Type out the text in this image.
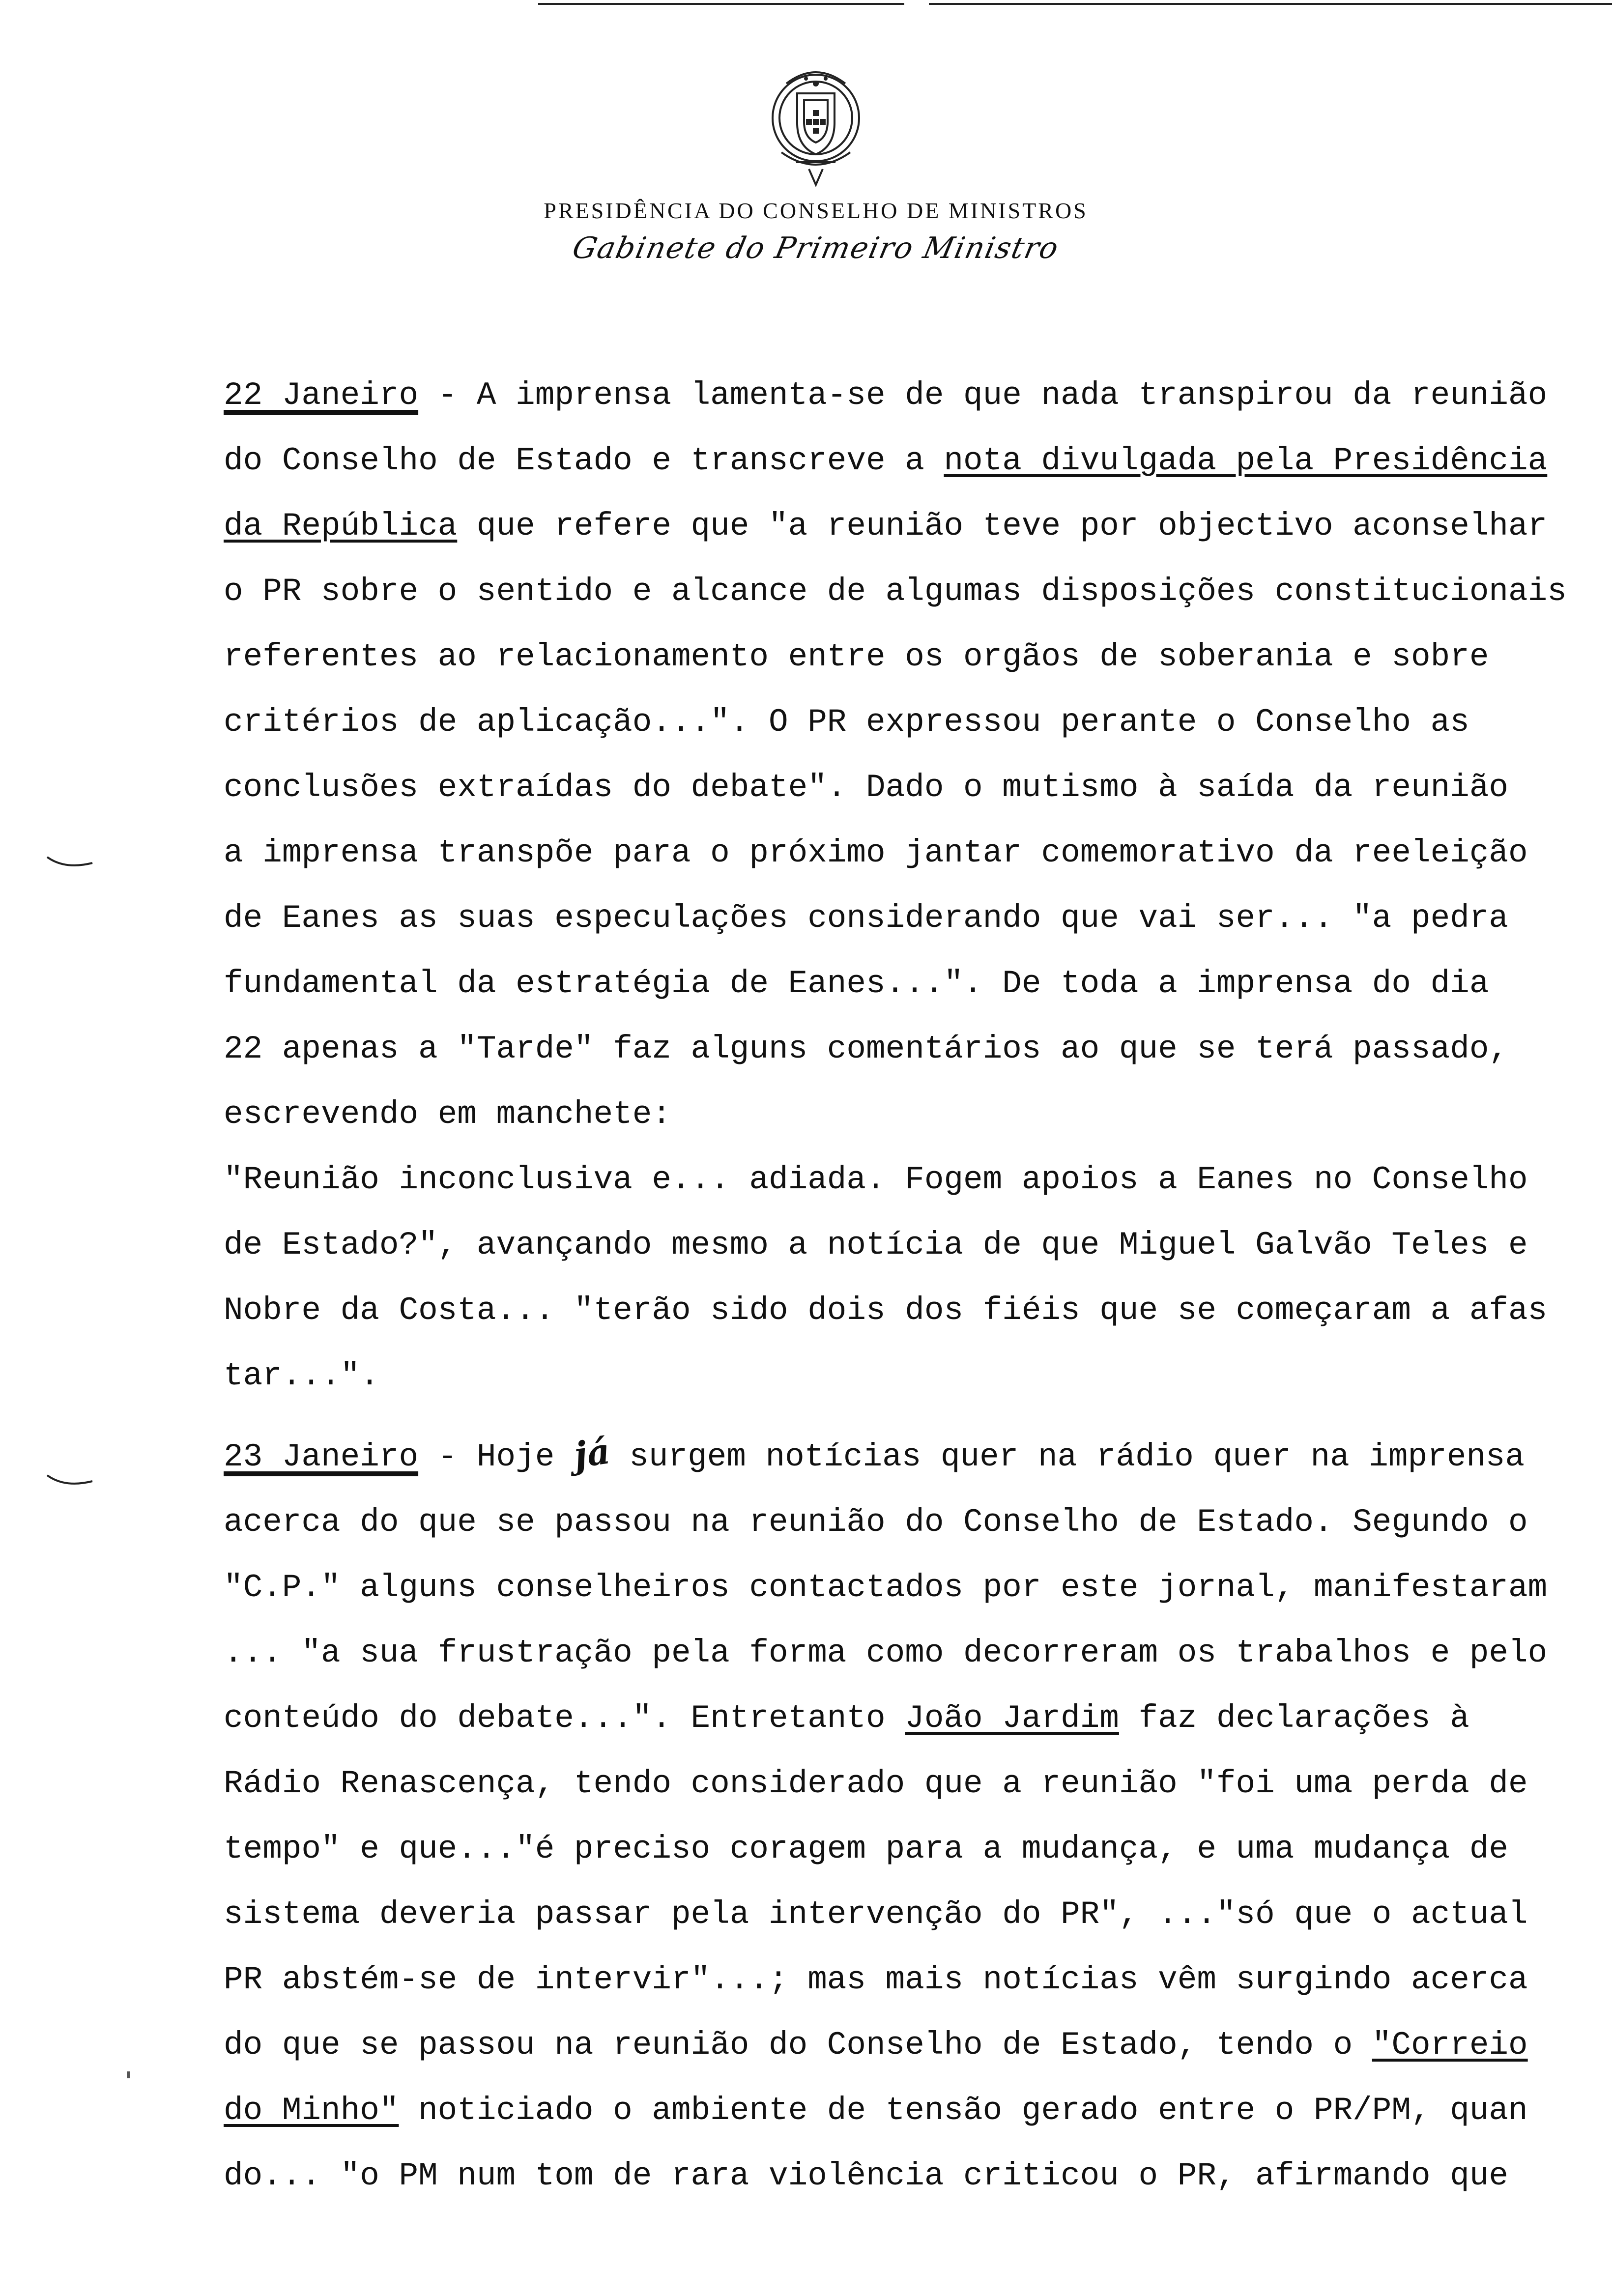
PRESIDÊNCIA DO CONSELHO DE MINISTROS
Gabinete do Primeiro Ministro
22 Janeiro - A imprensa lamenta-se de que nada transpirou da reunião
do Conselho de Estado e transcreve a nota divulgada pela Presidência
da República que refere que "a reunião teve por objectivo aconselhar
o PR sobre o sentido e alcance de algumas disposições constitucionais
referentes ao relacionamento entre os orgãos de soberania e sobre
critérios de aplicação...". O PR expressou perante o Conselho as
conclusões extraídas do debate". Dado o mutismo à saída da reunião
a imprensa transpõe para o próximo jantar comemorativo da reeleição
de Eanes as suas especulações considerando que vai ser... "a pedra
fundamental da estratégia de Eanes...". De toda a imprensa do dia
22 apenas a "Tarde" faz alguns comentários ao que se terá passado,
escrevendo em manchete:
"Reunião inconclusiva e... adiada. Fogem apoios a Eanes no Conselho
de Estado?", avançando mesmo a notícia de que Miguel Galvão Teles e
Nobre da Costa... "terão sido dois dos fiéis que se começaram a afas
tar...".
23 Janeiro - Hoje já surgem notícias quer na rádio quer na imprensa
acerca do que se passou na reunião do Conselho de Estado. Segundo o
"C.P." alguns conselheiros contactados por este jornal, manifestaram
... "a sua frustração pela forma como decorreram os trabalhos e pelo
conteúdo do debate...". Entretanto João Jardim faz declarações à
Rádio Renascença, tendo considerado que a reunião "foi uma perda de
tempo" e que..."é preciso coragem para a mudança, e uma mudança de
sistema deveria passar pela intervenção do PR", ..."só que o actual
PR abstém-se de intervir"...; mas mais notícias vêm surgindo acerca
do que se passou na reunião do Conselho de Estado, tendo o "Correio
do Minho" noticiado o ambiente de tensão gerado entre o PR/PM, quan
do... "o PM num tom de rara violência criticou o PR, afirmando que
